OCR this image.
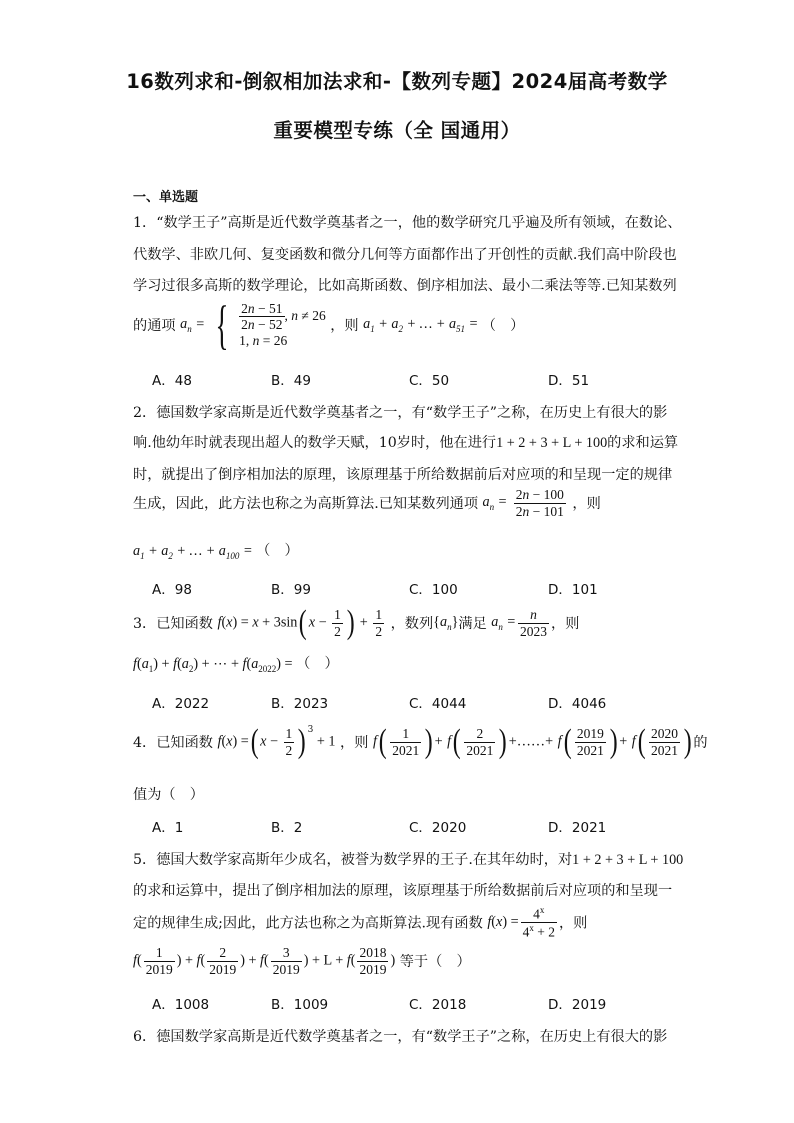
16数列求和-倒叙相加法求和-【数列专题】2024届高考数学
重要模型专练（全 国通用）
一、单选题
1．“数学王子”高斯是近代数学奠基者之一，他的数学研究几乎遍及所有领域，在数论、
代数学、非欧几何、复变函数和微分几何等方面都作出了开创性的贡献.我们高中阶段也
学习过很多高斯的数学理论，比如高斯函数、倒序相加法、最小二乘法等等.已知某数列
的通项 $a_n$ = { $\frac{2n - 51}{2n - 52}$ , n ≠ 26
1, n = 26 ，则 $a_1 + a_2$ + … + $a_{51}$ = （　）
A．48	B．49	C．50	D．51
2．德国数学家高斯是近代数学奠基者之一，有“数学王子”之称，在历史上有很大的影
响.他幼年时就表现出超人的数学天赋，10岁时，他在进行1 + 2 + 3 + L + 100的求和运算
时，就提出了倒序相加法的原理，该原理基于所给数据前后对应项的和呈现一定的规律
生成，因此，此方法也称之为高斯算法.已知某数列通项 $a_n = \frac{2n - 100}{2n - 101}$ ，则
$a_1 + a_2$ + … + $a_{100}$ = （　）
A．98	B．99	C．100	D．101
3．已知函数 f(x) = x + 3sin( $x - \frac{1}{2}$ ) + $\frac{1}{2}$ ，数列$\{a_n\}$满足 $a_n = \frac{n}{2023}$ ，则
$f(a_1) + f(a_2)$ + ⋯ + $f(a_{2022})$ = （　）
A．2022	B．2023	C．4044	D．4046
4．已知函数 f(x) =( $x - \frac{1}{2}$ ) $^3$ + 1 ，则 $f( \frac{1}{2021}$ ) + $f( \frac{2}{2021}$ ) +……+ $f( \frac{2019}{2021}$ ) + $f( \frac{2020}{2021}$ ) 的
值为（　）
A．1	B．2	C．2020	D．2021
5．德国大数学家高斯年少成名，被誉为数学界的王子.在其年幼时，对1 + 2 + 3 + L + 100
的求和运算中，提出了倒序相加法的原理，该原理基于所给数据前后对应项的和呈现一
定的规律生成;因此，此方法也称之为高斯算法.现有函数 $f(x) = \frac{4^x}{4^x + 2}$ ，则
$f( \frac{1}{2019}$ ) + $f( \frac{2}{2019}$ ) + $f( \frac{3}{2019}$ ) + $L + f( \frac{2018}{2019}$ ) 等于（　）
A．1008	B．1009	C．2018	D．2019
6．德国数学家高斯是近代数学奠基者之一，有“数学王子”之称，在历史上有很大的影
